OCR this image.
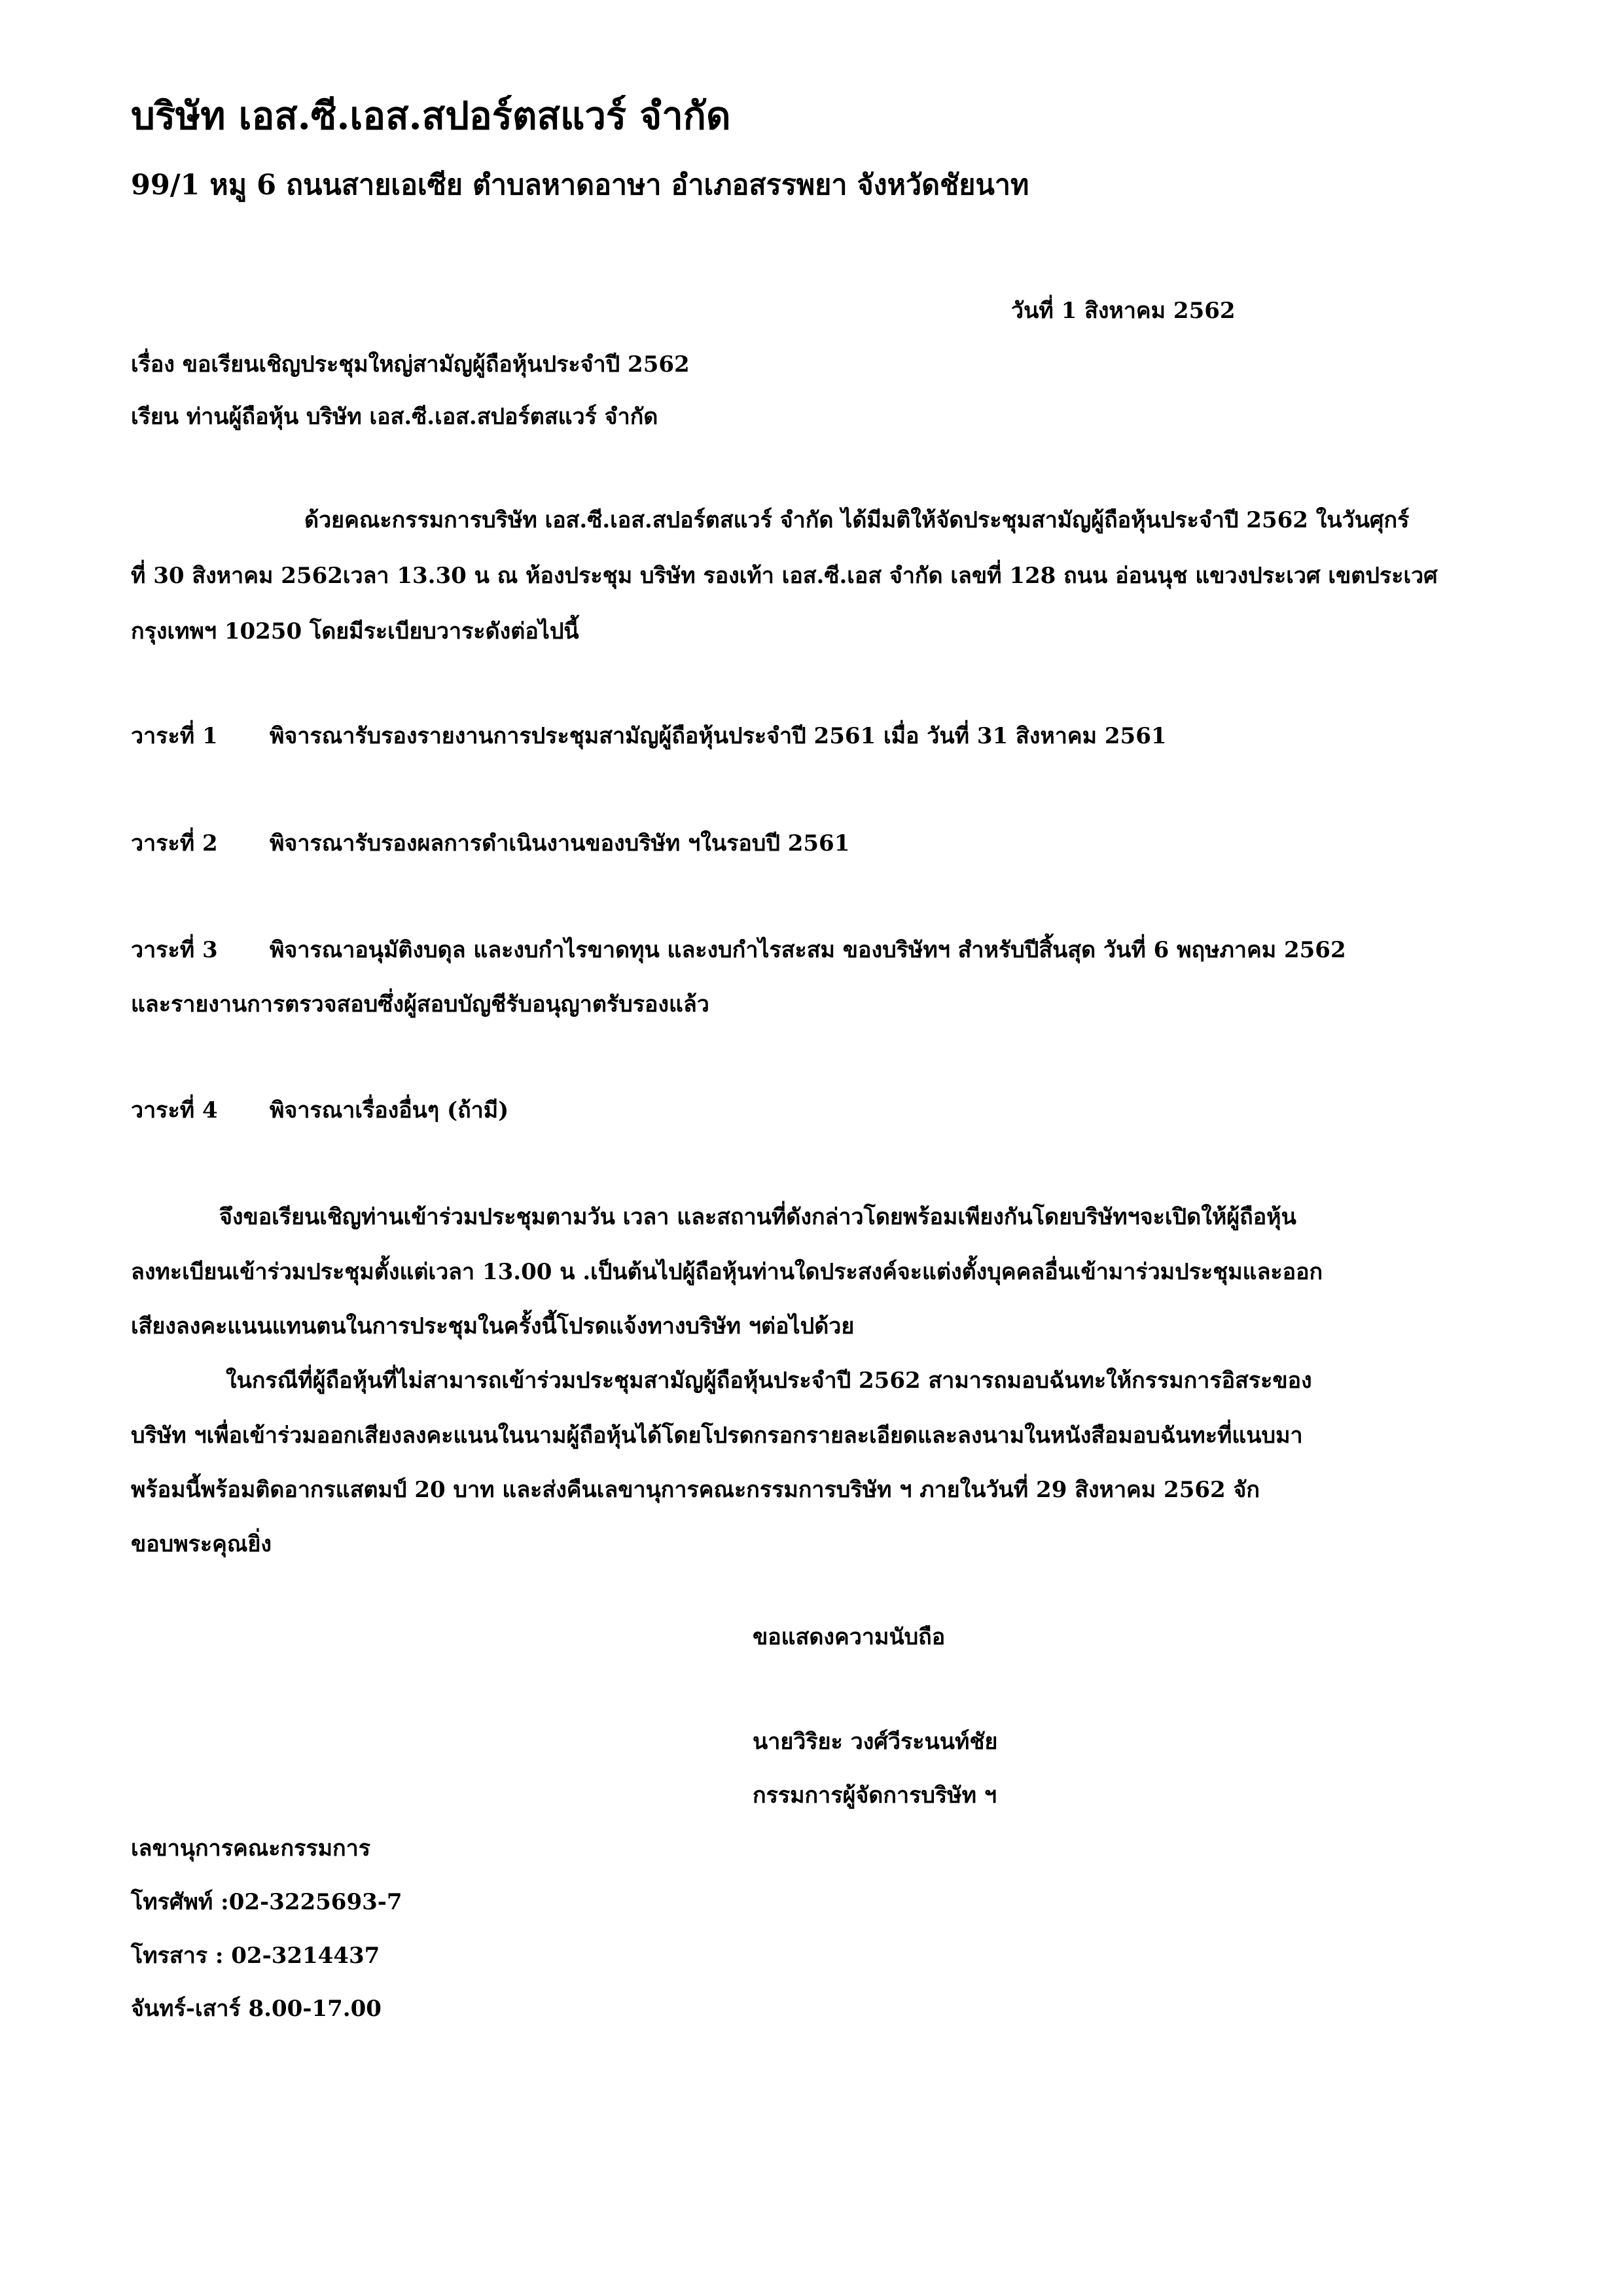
บริษัท เอส.ซี.เอส.สปอร์ตสแวร์ จำกัด
99/1 หมู 6 ถนนสายเอเซีย ตำบลหาดอาษา อำเภอสรรพยา จังหวัดชัยนาท
วันที่ 1 สิงหาคม 2562
เรื่อง ขอเรียนเชิญประชุมใหญ่สามัญผู้ถือหุ้นประจำปี 2562
เรียน ท่านผู้ถือหุ้น บริษัท เอส.ซี.เอส.สปอร์ตสแวร์ จำกัด
ด้วยคณะกรรมการบริษัท เอส.ซี.เอส.สปอร์ตสแวร์ จำกัด ได้มีมติให้จัดประชุมสามัญผู้ถือหุ้นประจำปี 2562 ในวันศุกร์
ที่ 30 สิงหาคม 2562เวลา 13.30 น ณ ห้องประชุม บริษัท รองเท้า เอส.ซี.เอส จำกัด เลขที่ 128 ถนน อ่อนนุช แขวงประเวศ เขตประเวศ
กรุงเทพฯ 10250 โดยมีระเบียบวาระดังต่อไปนี้
วาระที่ 1 พิจารณารับรองรายงานการประชุมสามัญผู้ถือหุ้นประจำปี 2561 เมื่อ วันที่ 31 สิงหาคม 2561
วาระที่ 2 พิจารณารับรองผลการดำเนินงานของบริษัท ฯในรอบปี 2561
วาระที่ 3 พิจารณาอนุมัติงบดุล และงบกำไรขาดทุน และงบกำไรสะสม ของบริษัทฯ สำหรับปีสิ้นสุด วันที่ 6 พฤษภาคม 2562
และรายงานการตรวจสอบซึ่งผู้สอบบัญชีรับอนุญาตรับรองแล้ว
วาระที่ 4 พิจารณาเรื่องอื่นๆ (ถ้ามี)
จึงขอเรียนเชิญท่านเข้าร่วมประชุมตามวัน เวลา และสถานที่ดังกล่าวโดยพร้อมเพียงกันโดยบริษัทฯจะเปิดให้ผู้ถือหุ้น
ลงทะเบียนเข้าร่วมประชุมตั้งแต่เวลา 13.00 น .เป็นต้นไปผู้ถือหุ้นท่านใดประสงค์จะแต่งตั้งบุคคลอื่นเข้ามาร่วมประชุมและออก
เสียงลงคะแนนแทนตนในการประชุมในครั้งนี้โปรดแจ้งทางบริษัท ฯต่อไปด้วย
ในกรณีที่ผู้ถือหุ้นที่ไม่สามารถเข้าร่วมประชุมสามัญผู้ถือหุ้นประจำปี 2562 สามารถมอบฉันทะให้กรรมการอิสระของ
บริษัท ฯเพื่อเข้าร่วมออกเสียงลงคะแนนในนามผู้ถือหุ้นได้โดยโปรดกรอกรายละเอียดและลงนามในหนังสือมอบฉันทะที่แนบมา
พร้อมนี้พร้อมติดอากรแสตมป์ 20 บาท และส่งคืนเลขานุการคณะกรรมการบริษัท ฯ ภายในวันที่ 29 สิงหาคม 2562 จัก
ขอบพระคุณยิ่ง
ขอแสดงความนับถือ
นายวิริยะ วงศ์วีระนนท์ชัย
กรรมการผู้จัดการบริษัท ฯ
เลขานุการคณะกรรมการ
โทรศัพท์ :02-3225693-7
โทรสาร : 02-3214437
จันทร์-เสาร์ 8.00-17.00
